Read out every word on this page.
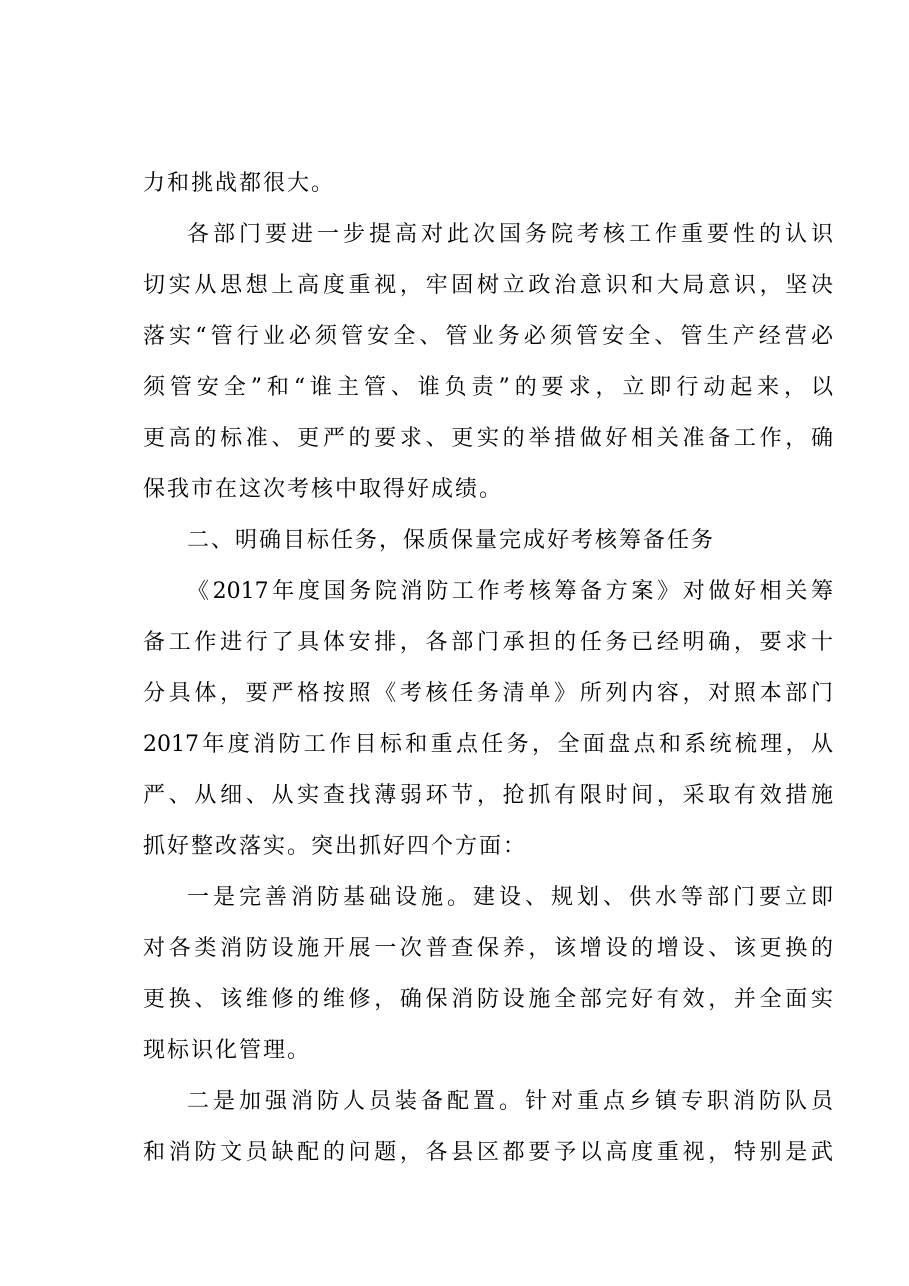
力和挑战都很大。
各部门要进一步提高对此次国务院考核工作重要性的认识
切实从思想上高度重视，牢固树立政治意识和大局意识，坚决
落实“管行业必须管安全、管业务必须管安全、管生产经营必
须管安全”和“谁主管、谁负责”的要求，立即行动起来，以
更高的标准、更严的要求、更实的举措做好相关准备工作，确
保我市在这次考核中取得好成绩。
二、明确目标任务，保质保量完成好考核筹备任务
《2017年度国务院消防工作考核筹备方案》对做好相关筹
备工作进行了具体安排，各部门承担的任务已经明确，要求十
分具体，要严格按照《考核任务清单》所列内容，对照本部门
2017年度消防工作目标和重点任务，全面盘点和系统梳理，从
严、从细、从实查找薄弱环节，抢抓有限时间，采取有效措施
抓好整改落实。突出抓好四个方面：
一是完善消防基础设施。建设、规划、供水等部门要立即
对各类消防设施开展一次普查保养，该增设的增设、该更换的
更换、该维修的维修，确保消防设施全部完好有效，并全面实
现标识化管理。
二是加强消防人员装备配置。针对重点乡镇专职消防队员
和消防文员缺配的问题，各县区都要予以高度重视，特别是武
